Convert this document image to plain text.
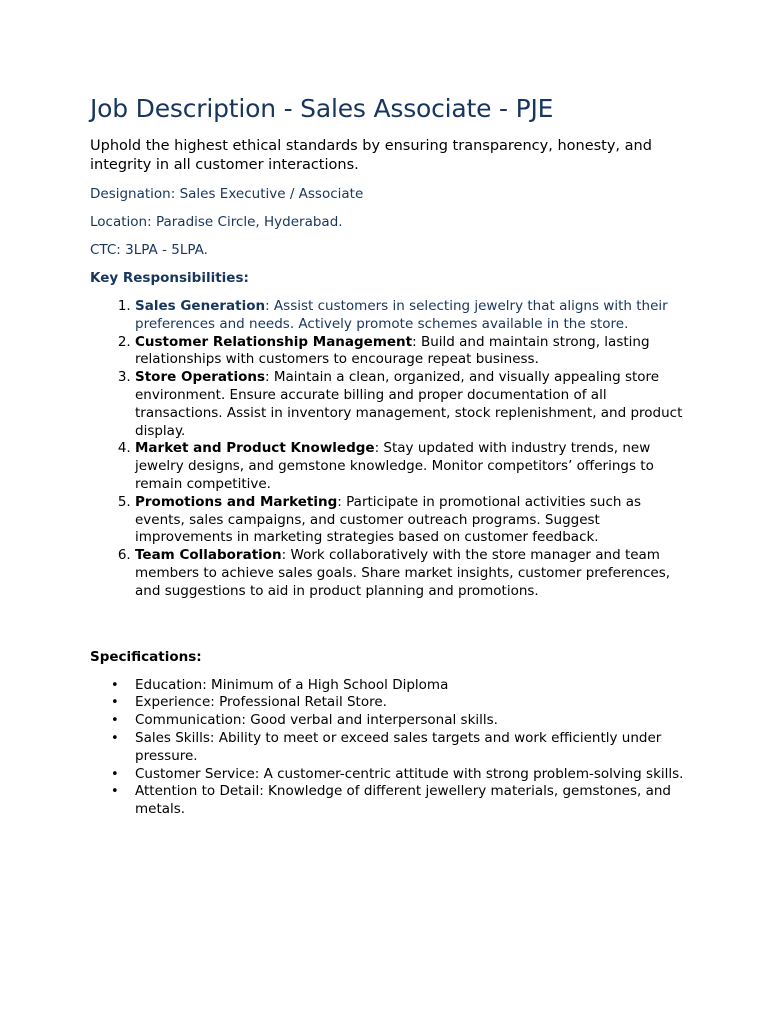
Job Description - Sales Associate - PJE

Uphold the highest ethical standards by ensuring transparency, honesty, and integrity in all customer interactions.

Designation: Sales Executive / Associate

Location: Paradise Circle, Hyderabad.

CTC: 3LPA - 5LPA.

Key Responsibilities:

1. Sales Generation: Assist customers in selecting jewelry that aligns with their preferences and needs. Actively promote schemes available in the store.
2. Customer Relationship Management: Build and maintain strong, lasting relationships with customers to encourage repeat business.
3. Store Operations: Maintain a clean, organized, and visually appealing store environment. Ensure accurate billing and proper documentation of all transactions. Assist in inventory management, stock replenishment, and product display.
4. Market and Product Knowledge: Stay updated with industry trends, new jewelry designs, and gemstone knowledge. Monitor competitors’ offerings to remain competitive.
5. Promotions and Marketing: Participate in promotional activities such as events, sales campaigns, and customer outreach programs. Suggest improvements in marketing strategies based on customer feedback.
6. Team Collaboration: Work collaboratively with the store manager and team members to achieve sales goals. Share market insights, customer preferences, and suggestions to aid in product planning and promotions.

Specifications:

• Education: Minimum of a High School Diploma
• Experience: Professional Retail Store.
• Communication: Good verbal and interpersonal skills.
• Sales Skills: Ability to meet or exceed sales targets and work efficiently under pressure.
• Customer Service: A customer-centric attitude with strong problem-solving skills.
• Attention to Detail: Knowledge of different jewellery materials, gemstones, and metals.
